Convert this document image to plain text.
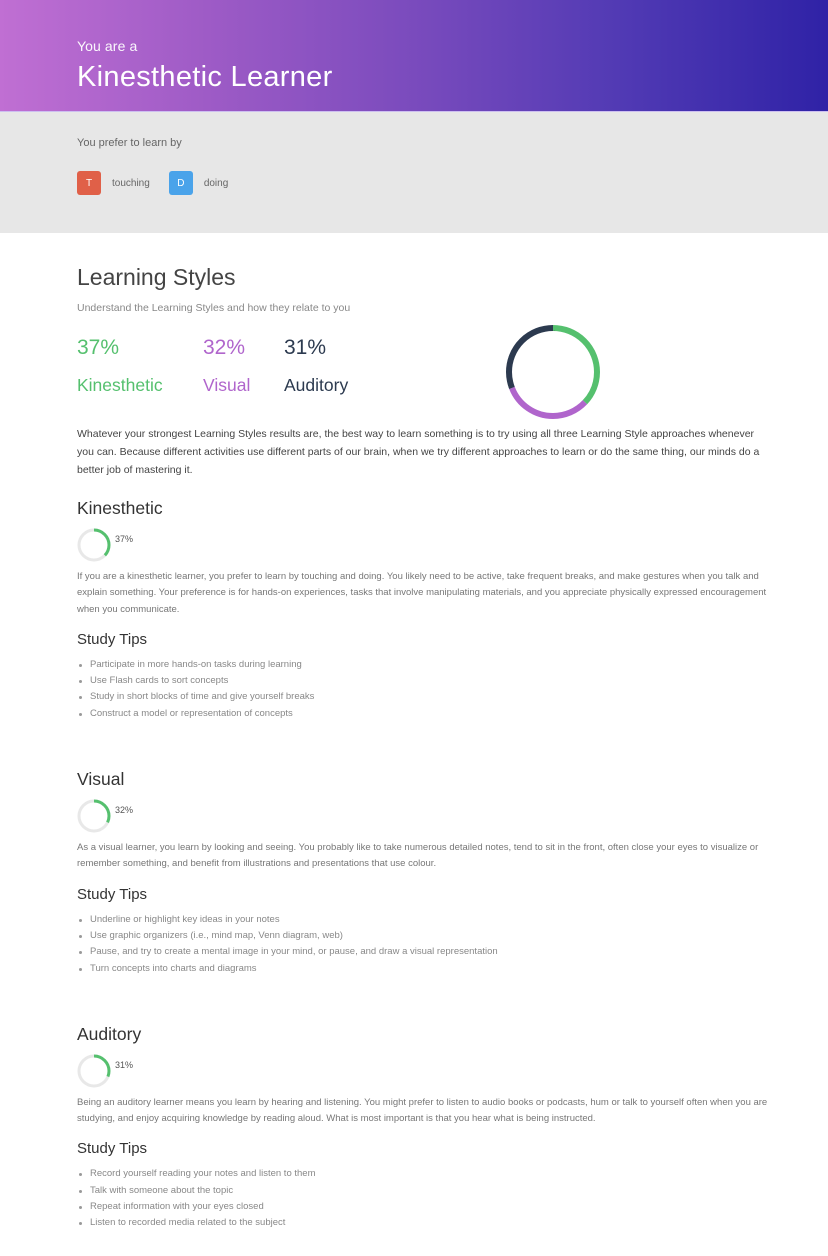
You are a
Kinesthetic Learner
You prefer to learn by
T	touching	D	doing
Learning Styles

Understand the Learning Styles and how they relate to you

37%
Kinesthetic
32%
Visual
31%
Auditory

Whatever your strongest Learning Styles results are, the best way to learn something is to try using all three Learning Style approaches whenever you can. Because different activities use different parts of our brain, when we try different approaches to learn or do the same thing, our minds do a better job of mastering it.

Kinesthetic
37%

If you are a kinesthetic learner, you prefer to learn by touching and doing. You likely need to be active, take frequent breaks, and make gestures when you talk and explain something. Your preference is for hands-on experiences, tasks that involve manipulating materials, and you appreciate physically expressed encouragement when you communicate.

Study Tips
Participate in more hands-on tasks during learning
Use Flash cards to sort concepts
Study in short blocks of time and give yourself breaks
Construct a model or representation of concepts
Visual
32%

As a visual learner, you learn by looking and seeing. You probably like to take numerous detailed notes, tend to sit in the front, often close your eyes to visualize or remember something, and benefit from illustrations and presentations that use colour.

Study Tips
Underline or highlight key ideas in your notes
Use graphic organizers (i.e., mind map, Venn diagram, web)
Pause, and try to create a mental image in your mind, or pause, and draw a visual representation
Turn concepts into charts and diagrams
Auditory
31%

Being an auditory learner means you learn by hearing and listening. You might prefer to listen to audio books or podcasts, hum or talk to yourself often when you are studying, and enjoy acquiring knowledge by reading aloud. What is most important is that you hear what is being instructed.

Study Tips
Record yourself reading your notes and listen to them
Talk with someone about the topic
Repeat information with your eyes closed
Listen to recorded media related to the subject
